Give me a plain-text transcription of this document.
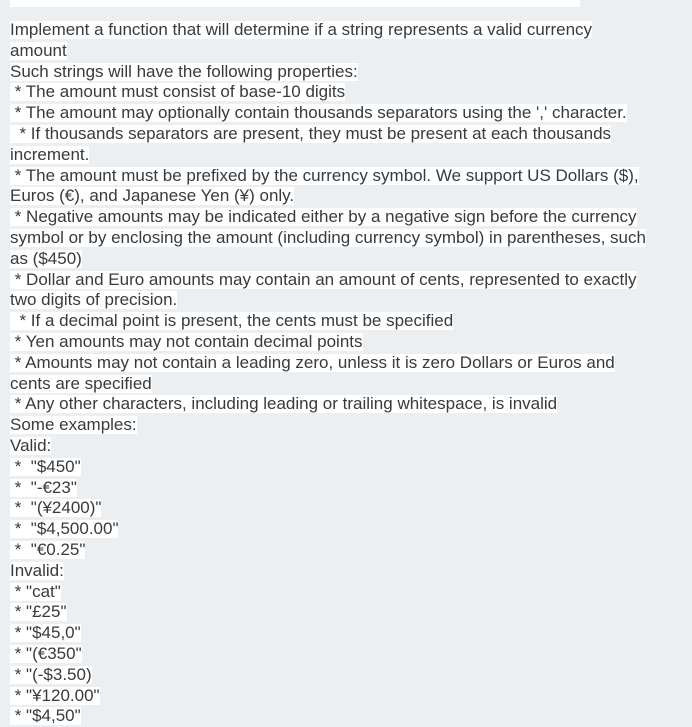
Implement a function that will determine if a string represents a valid currency
amount
Such strings will have the following properties:
* The amount must consist of base-10 digits
* The amount may optionally contain thousands separators using the ',' character.
* If thousands separators are present, they must be present at each thousands
increment.
* The amount must be prefixed by the currency symbol. We support US Dollars ($),
Euros (€), and Japanese Yen (¥) only.
* Negative amounts may be indicated either by a negative sign before the currency
symbol or by enclosing the amount (including currency symbol) in parentheses, such
as ($450)
* Dollar and Euro amounts may contain an amount of cents, represented to exactly
two digits of precision.
* If a decimal point is present, the cents must be specified
* Yen amounts may not contain decimal points
* Amounts may not contain a leading zero, unless it is zero Dollars or Euros and
cents are specified
* Any other characters, including leading or trailing whitespace, is invalid
Some examples:
Valid:
*  "$450"
*  "-€23"
*  "(¥2400)"
*  "$4,500.00"
*  "€0.25"
Invalid:
* "cat"
* "£25"
* "$45,0"
* "(€350"
* "(-$3.50)
* "¥120.00"
* "$4,50"
